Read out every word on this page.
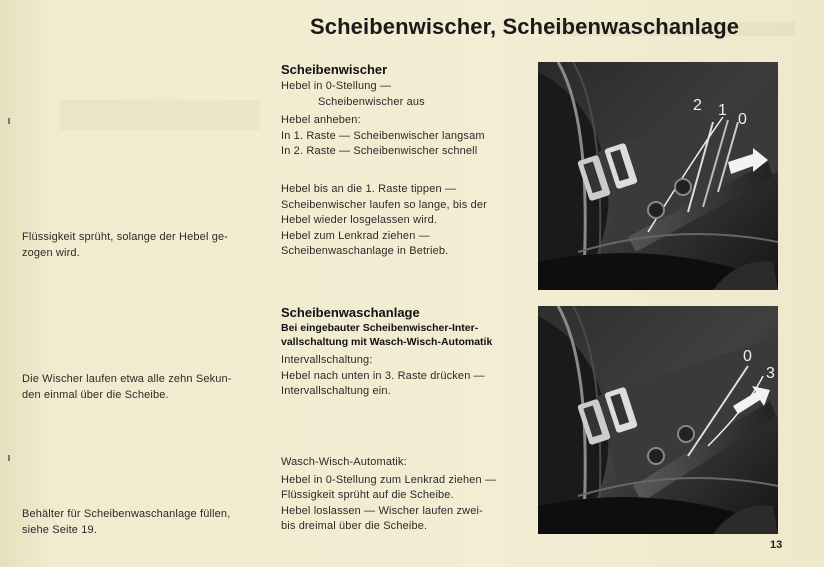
Scheibenwischer, Scheibenwaschanlage
Scheibenwischer
Hebel in 0-Stellung —
Scheibenwischer aus
Hebel anheben:
In 1. Raste — Scheibenwischer langsam
In 2. Raste — Scheibenwischer schnell
Hebel bis an die 1. Raste tippen —
Scheibenwischer laufen so lange, bis der
Hebel wieder losgelassen wird.
Hebel zum Lenkrad ziehen —
Scheibenwaschanlage in Betrieb.
Scheibenwaschanlage
Bei eingebauter Scheibenwischer-Inter-
vallschaltung mit Wasch-Wisch-Automatik
Intervallschaltung:
Hebel nach unten in 3. Raste drücken —
Intervallschaltung ein.
Wasch-Wisch-Automatik:
Hebel in 0-Stellung zum Lenkrad ziehen —
Flüssigkeit sprüht auf die Scheibe.
Hebel loslassen — Wischer laufen zwei-
bis dreimal über die Scheibe.
Flüssigkeit sprüht, solange der Hebel ge-
zogen wird.
Die Wischer laufen etwa alle zehn Sekun-
den einmal über die Scheibe.
Behälter für Scheibenwaschanlage füllen,
siehe Seite 19.
2 1
0
0
3
13
